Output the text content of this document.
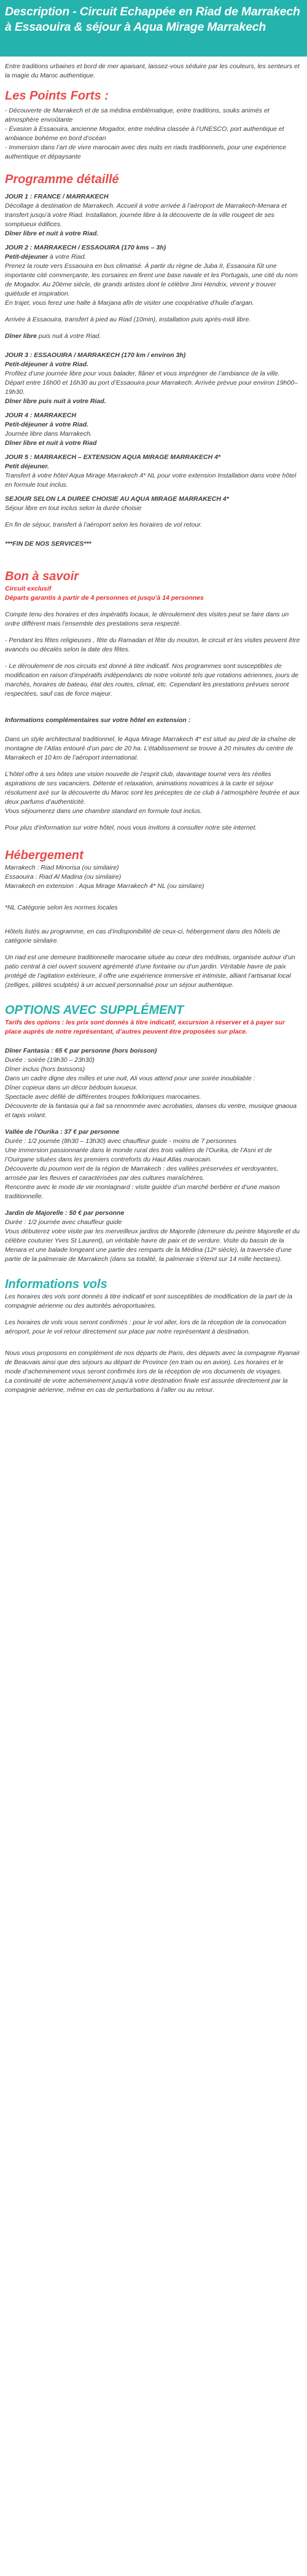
Description - Circuit Echappée en Riad de Marrakech à Essaouira & séjour à Aqua Mirage Marrakech

Entre traditions urbaines et bord de mer apaisant, laissez-vous séduire par les couleurs, les senteurs et la magie du Maroc authentique.

Les Points Forts :

- Découverte de Marrakech et de sa médina emblématique, entre traditions, souks animés et atmosphère envoûtante

- Évasion à Essaouira, ancienne Mogador, entre médina classée à l’UNESCO, port authentique et ambiance bohème en bord d’océan

- Immersion dans l’art de vivre marocain avec des nuits en riads traditionnels, pour une expérience authentique et dépaysante

Programme détaillé

JOUR 1 : FRANCE / MARRAKECH

Décollage à destination de Marrakech. Accueil à votre arrivée à l’aéroport de Marrakech-Menara et transfert jusqu’à votre Riad. Installation, journée libre à la découverte de la ville rougeet de ses somptueux édifices.

Dîner libre et nuit à votre Riad.

JOUR 2 : MARRAKECH / ESSAOUIRA (170 kms – 3h)

Petit-déjeuner à votre Riad.

Prenez la route vers Essaouira en bus climatisé. À partir du règne de Juba II, Essaouira fût une importante cité commerçante, les corsaires en firent une base navale et les Portugais, une cité du nom de Mogador. Au 20ème siècle, de grands artistes dont le célèbre Jimi Hendrix, vinrent y trouver quiétude et inspiration.

En trajet, vous ferez une halte à Marjana afin de visiter une coopérative d’huile d’argan.

Arrivée à Essaouira, transfert à pied au Riad (10min), installation puis après-midi libre.

Dîner libre puis nuit à votre Riad.

JOUR 3 : ESSAOUIRA / MARRAKECH (170 km / environ 3h)

Petit-déjeuner à votre Riad.

Profitez d’une journée libre pour vous balader, flâner et vous imprégner de l’ambiance de la ville.

Départ entre 16h00 et 16h30 au port d’Essaouira pour Marrakech. Arrivée prévue pour environ 19h00–19h30.

Dîner libre puis nuit à votre Riad.

JOUR 4 : MARRAKECH

Petit-déjeuner à votre Riad.

Journée libre dans Marrakech.

Dîner libre et nuit à votre Riad

JOUR 5 : MARRAKECH – EXTENSION AQUA MIRAGE MARRAKECH 4*

Petit déjeuner.

Transfert à votre hôtel Aqua Mirage Marrakech 4* NL pour votre extension Installation dans votre hôtel en formule tout inclus.

SEJOUR SELON LA DUREE CHOISIE AU AQUA MIRAGE MARRAKECH 4*

Séjour libre en tout inclus selon la durée choisie

En fin de séjour, transfert à l’aéroport selon les horaires de vol retour.

***FIN DE NOS SERVICES***

Bon à savoir

Circuit exclusif

Départs garantis à partir de 4 personnes et jusqu’à 14 personnes

Compte tenu des horaires et des impératifs locaux, le déroulement des visites peut se faire dans un ordre différent mais l’ensemble des prestations sera respecté.

- Pendant les fêtes religieuses , fête du Ramadan et fête du mouton, le circuit et les visites peuvent être avancés ou décalés selon la date des fêtes.

- Le déroulement de nos circuits est donné à titre indicatif. Nos programmes sont susceptibles de modification en raison d’impératifs indépendants de notre volonté tels que rotations aériennes, jours de marchés, horaires de bateau, état des routes, climat, etc. Cependant les prestations prévues seront respectées, sauf cas de force majeur.

Informations complémentaires sur votre hôtel en extension :

Dans un style architectural traditionnel, le Aqua Mirage Marrakech 4* est situé au pied de la chaîne de montagne de l’Atlas entouré d’un parc de 20 ha. L’établissement se trouve à 20 minutes du centre de Marrakech et 10 km de l’aéroport international.

L’hôtel offre à ses hôtes une vision nouvelle de l’esprit club, davantage tourné vers les réelles aspirations de ses vacanciers. Détente et relaxation, animations novatrices à la carte et séjour résolument axé sur la découverte du Maroc sont les préceptes de ce club à l’atmosphère feutrée et aux deux parfums d’authenticité.

Vous séjournerez dans une chambre standard en formule tout inclus.

Pour plus d’information sur votre hôtel, nous vous invitons à consulter notre site internet.

Hébergement

Marrakech : Riad Minorisa (ou similaire)

Essaouira : Riad Al Madina (ou similaire)

Marrakech en extension : Aqua Mirage Marrakech 4* NL (ou similaire)

*NL Catégorie selon les normes locales

Hôtels listés au programme, en cas d’indisponibilité de ceux-ci, hébergement dans des hôtels de catégorie similaire.

Un riad est une demeure traditionnelle marocaine située au cœur des médinas, organisée autour d’un patio central à ciel ouvert souvent agrémenté d’une fontaine ou d’un jardin. Véritable havre de paix protégé de l’agitation extérieure, il offre une expérience immersive et intimiste, alliant l’artisanat local (zelliges, plâtres sculptés) à un accueil personnalisé pour un séjour authentique.

OPTIONS AVEC SUPPLÉMENT

Tarifs des options : les prix sont donnés à titre indicatif, excursion à réserver et à payer sur place auprès de notre représentant, d’autres peuvent être proposées sur place.

Dîner Fantasia : 65 € par personne (hors boisson)

Durée : soirée (19h30 – 23h30)

Dîner inclus (hors boissons)

Dans un cadre digne des milles et une nuit, Ali vous attend pour une soirée inoubliable :

Dîner copieux dans un décor bédouin luxueux.

Spectacle avec défilé de différentes troupes folkloriques marocaines.

Découverte de la fantasia qui a fait sa renommée avec acrobaties, danses du ventre, musique gnaoua et tapis volant.

Vallée de l’Ourika : 37 € par personne

Durée : 1/2 journée (8h30 – 13h30) avec chauffeur guide - moins de 7 personnes

Une immersion passionnante dans le monde rural des trois vallées de l’Ourika, de l’Asni et de l’Ouirgane situées dans les premiers contreforts du Haut Atlas marocain.

Découverte du poumon vert de la région de Marrakech : des vallées préservées et verdoyantes, arrosée par les fleuves et caractérisées par des cultures maraîchères.

Rencontre avec le mode de vie montagnard : visite guidée d’un marché berbère et d’une maison traditionnelle.

Jardin de Majorelle : 50 € par personne

Durée : 1/2 journée avec chauffeur guide

Vous débuterez votre visite par les merveilleux jardins de Majorelle (demeure du peintre Majorelle et du célèbre couturier Yves St Laurent), un véritable havre de paix et de verdure. Visite du bassin de la Menara et une balade longeant une partie des remparts de la Médina (12ᵉ siècle), la traversée d’une partie de la palmeraie de Marrakech (dans sa totalité, la palmeraie s’étend sur 14 mille hectares).

Informations vols

Les horaires des vols sont donnés à titre indicatif et sont susceptibles de modification de la part de la compagnie aérienne ou des autorités aéroportuaires.

Les horaires de vols vous seront confirmés : pour le vol aller, lors de la réception de la convocation aéroport, pour le vol retour directement sur place par notre représentant à destination.

Nous vous proposons en complément de nos départs de Paris, des départs avec la compagnie Ryanair de Beauvais ainsi que des séjours au départ de Province (en train ou en avion). Les horaires et le mode d’acheminement vous seront confirmés lors de la réception de vos documents de voyages.

La continuité de votre acheminement jusqu’à votre destination finale est assurée directement par la compagnie aérienne, même en cas de perturbations à l’aller ou au retour.
